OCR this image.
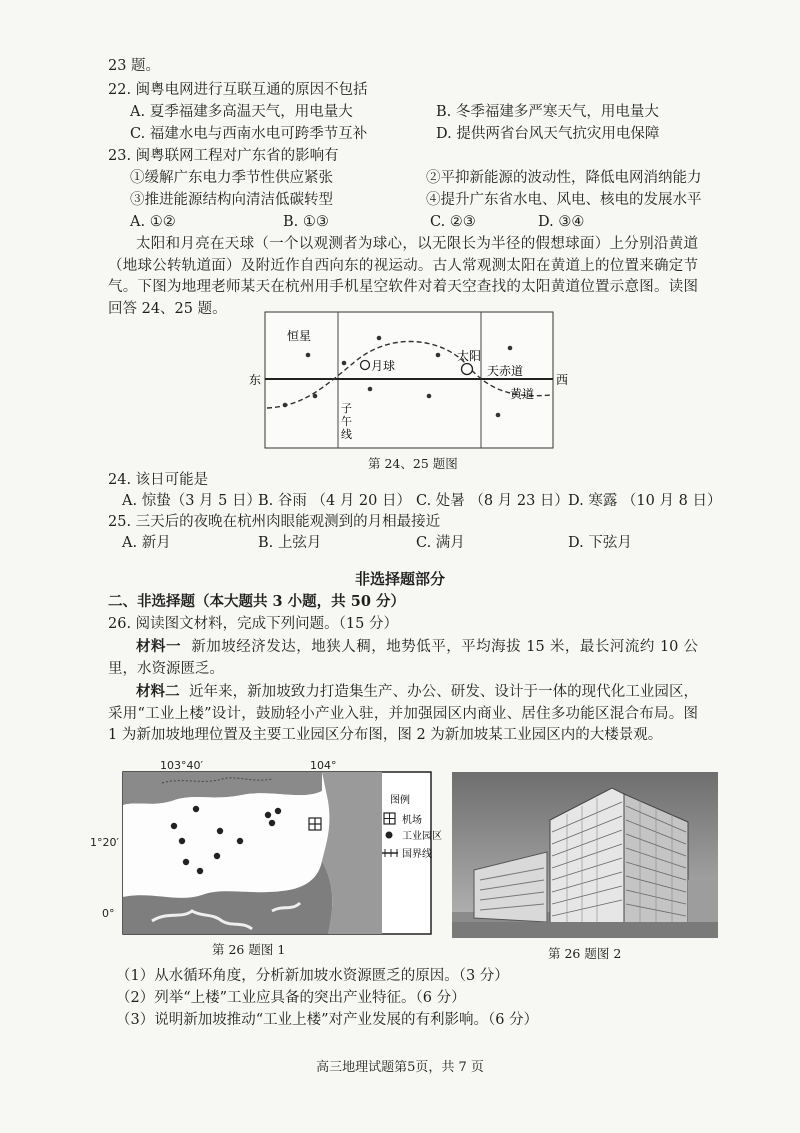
23 题。
22. 闽粤电网进行互联互通的原因不包括
A. 夏季福建多高温天气，用电量大	B. 冬季福建多严寒天气，用电量大
C. 福建水电与西南水电可跨季节互补	D. 提供两省台风天气抗灾用电保障
23. 闽粤联网工程对广东省的影响有
①缓解广东电力季节性供应紧张	②平抑新能源的波动性，降低电网消纳能力
③推进能源结构向清洁低碳转型	④提升广东省水电、风电、核电的发展水平
A. ①②	B. ①③	C. ②③	D. ③④
太阳和月亮在天球（一个以观测者为球心，以无限长为半径的假想球面）上分别沿黄道（地球公转轨道面）及附近作自西向东的视运动。古人常观测太阳在黄道上的位置来确定节气。下图为地理老师某天在杭州用手机星空软件对着天空查找的太阳黄道位置示意图。读图回答 24、25 题。
恒星
月球
太阳
天赤道
黄道
东	西
子
午
线
第 24、25 题图
24. 该日可能是
A. 惊蛰（3 月 5 日）
B. 谷雨 （4 月 20 日） C. 处暑 （8 月 23 日） D. 寒露 （10 月 8 日）
25. 三天后的夜晚在杭州肉眼能观测到的月相最接近
A. 新月	B. 上弦月	C. 满月	D. 下弦月
非选择题部分
二、非选择题（本大题共 3 小题，共 50 分）
26. 阅读图文材料，完成下列问题。（15 分）
材料一 新加坡经济发达，地狭人稠，地势低平，平均海拔 15 米，最长河流约 10 公里，水资源匮乏。
材料二 近年来，新加坡致力打造集生产、办公、研发、设计于一体的现代化工业园区，采用“工业上楼”设计，鼓励轻小产业入驻，并加强园区内商业、居住多功能区混合布局。图 1 为新加坡地理位置及主要工业园区分布图，图 2 为新加坡某工业园区内的大楼景观。
103°40′	104°
1°20′
0°
图例
机场
工业园区
国界线
第 26 题图 1	第 26 题图 2
（1）从水循环角度，分析新加坡水资源匮乏的原因。（3 分）
（2）列举“上楼”工业应具备的突出产业特征。（6 分）
（3）说明新加坡推动“工业上楼”对产业发展的有利影响。（6 分）
高三地理试题第5页，共 7 页
